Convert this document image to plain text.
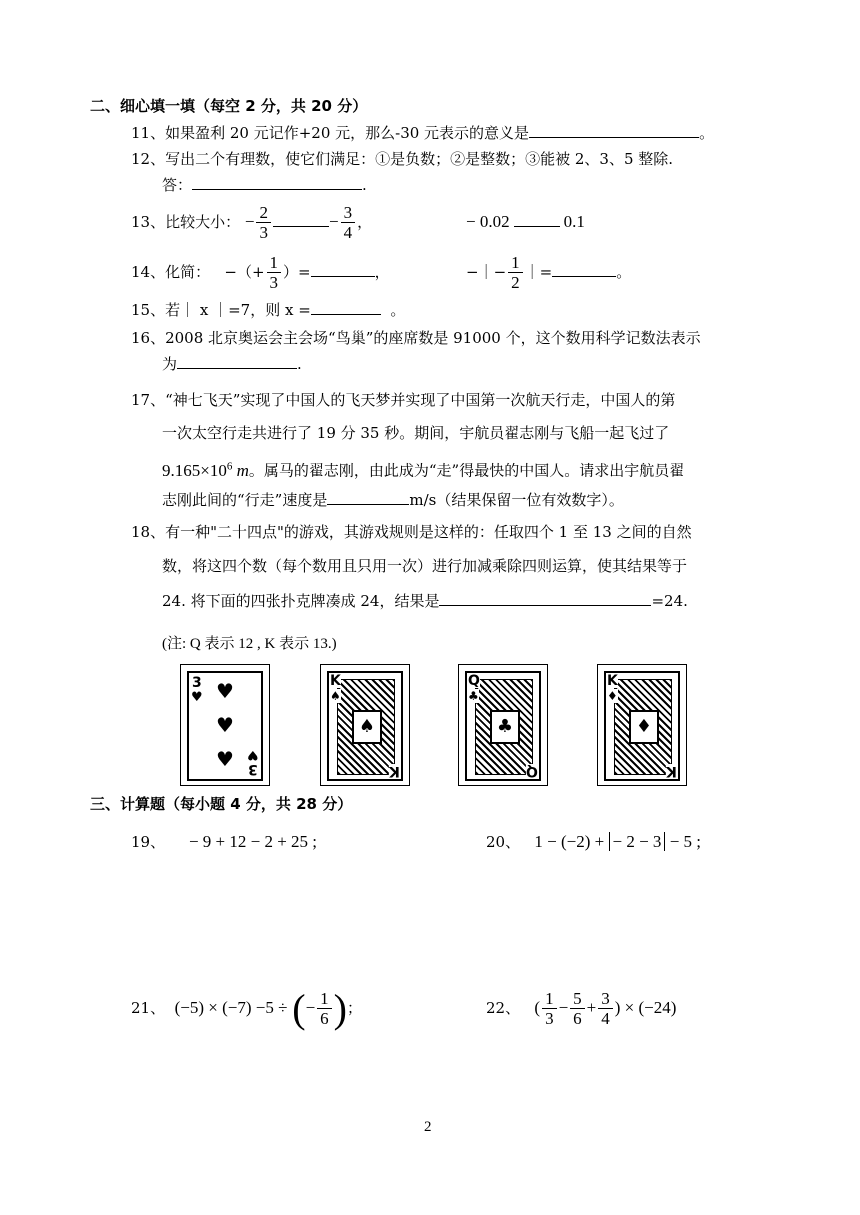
二、细心填一填（每空 2 分，共 20 分）
11、如果盈利 20 元记作+20 元，那么-30 元表示的意义是	。
12、写出二个有理数，使它们满足：①是负数；②是整数；③能被 2、3、5 整除.
答：	.
13、比较大小： − $\frac{2}{3}$	− $\frac{3}{4}$ ，	− 0.02	0.1
14、化简： −（+ $\frac{1}{3}$ ）=	，	−｜− $\frac{1}{2}$ ｜=	。
15、若｜ x ｜=7，则 x =	。
16、2008 北京奥运会主会场“鸟巢”的座席数是 91000 个，这个数用科学记数法表示
为	.
17、“神七飞天”实现了中国人的飞天梦并实现了中国第一次航天行走，中国人的第
一次太空行走共进行了 19 分 35 秒。期间，宇航员翟志刚与飞船一起飞过了
$9.165\times 10^6$ m。属马的翟志刚，由此成为“走”得最快的中国人。请求出宇航员翟
志刚此间的“行走”速度是	m/s（结果保留一位有效数字）。
18、有一种"二十四点"的游戏，其游戏规则是这样的：任取四个 1 至 13 之间的自然
数，将这四个数（每个数用且只用一次）进行加减乘除四则运算，使其结果等于
24. 将下面的四张扑克牌凑成 24，结果是	=24.
(注: Q 表示 12 , K 表示 13.)
3
♥ ♥
♥
♥ 3
♥
♠
K
♠
K
♣
Q
♣
Q
♦
K
♦
K
三、计算题（每小题 4 分，共 28 分）
19、 − 9 + 12 − 2 + 25 ;	20、 1 − (−2) + − 2 − 3 − 5 ;
21、 (−5) × (−7) −5 ÷ (− $\frac{1}{6}$ )；	22、 ( $\frac{1}{3} - \frac{5}{6} + \frac{3}{4}$ ) × (−24)
2
